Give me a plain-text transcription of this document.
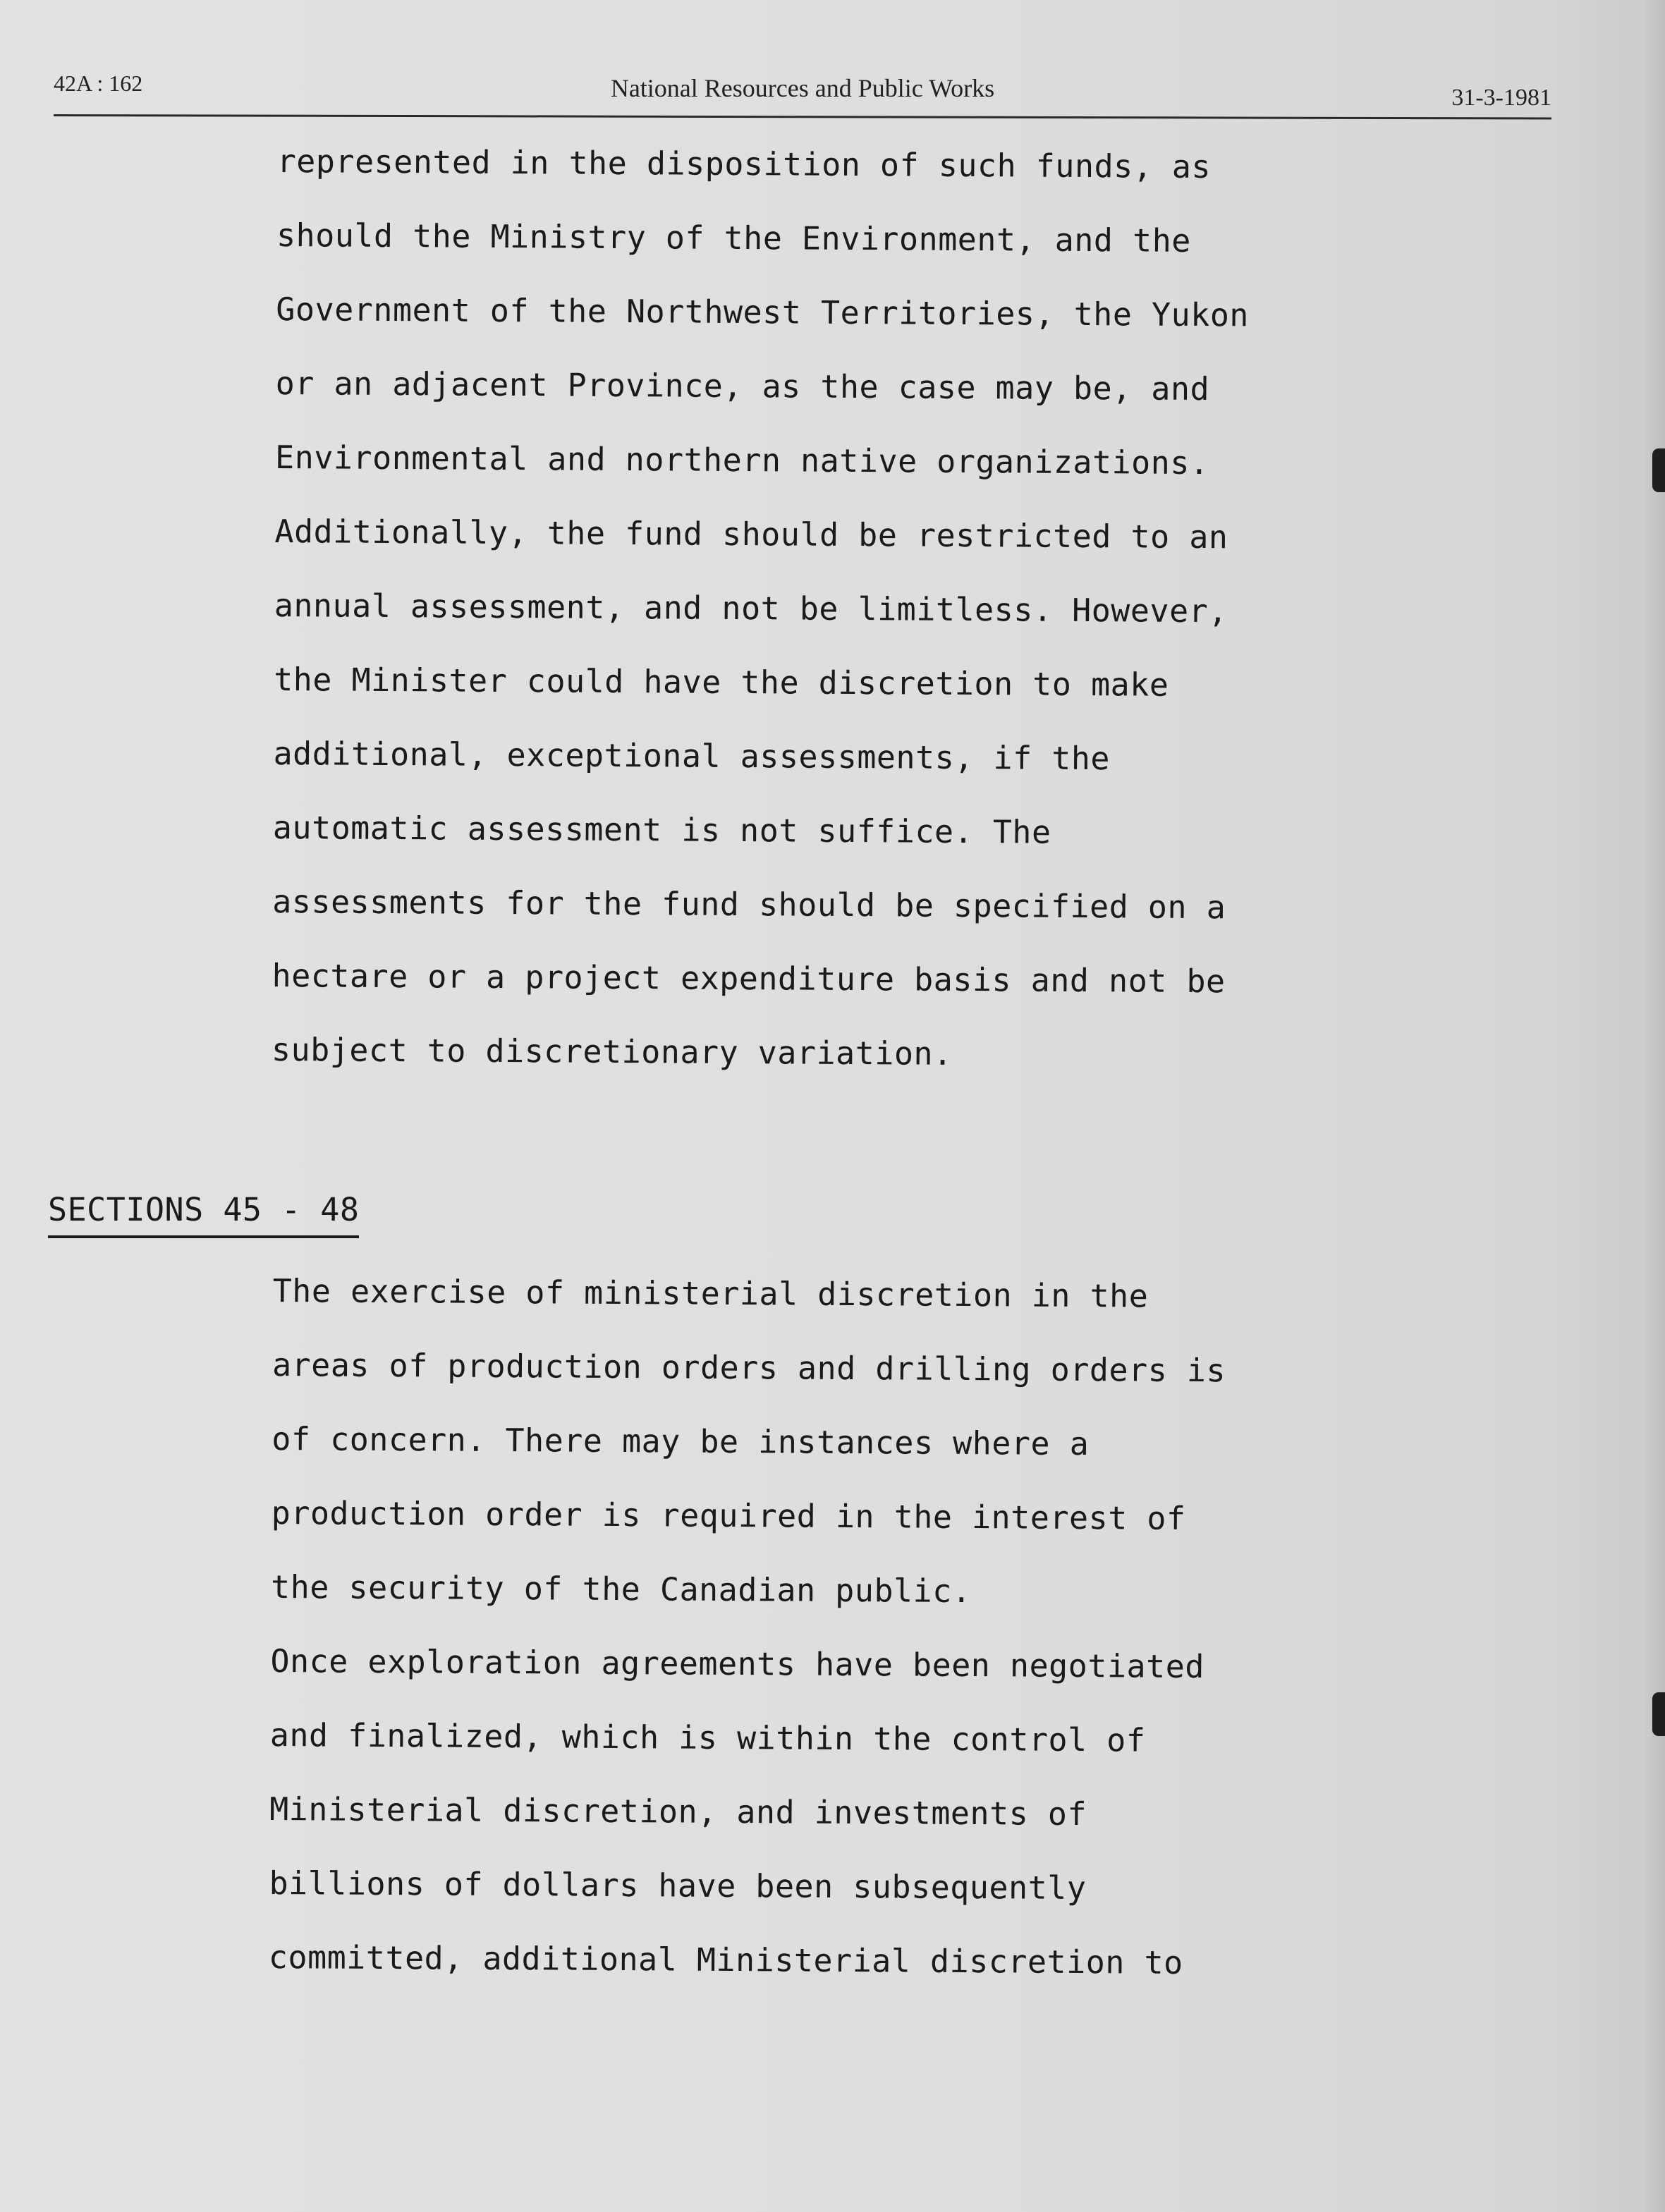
42A : 162	National Resources and Public Works	31-3-1981
represented in the disposition of such funds, as
should the Ministry of the Environment, and the
Government of the Northwest Territories, the Yukon
or an adjacent Province, as the case may be, and
Environmental and northern native organizations.
Additionally, the fund should be restricted to an
annual assessment, and not be limitless. However,
the Minister could have the discretion to make
additional, exceptional assessments, if the
automatic assessment is not suffice. The
assessments for the fund should be specified on a
hectare or a project expenditure basis and not be
subject to discretionary variation.
SECTIONS 45 - 48
The exercise of ministerial discretion in the
areas of production orders and drilling orders is
of concern. There may be instances where a
production order is required in the interest of
the security of the Canadian public.
Once exploration agreements have been negotiated
and finalized, which is within the control of
Ministerial discretion, and investments of
billions of dollars have been subsequently
committed, additional Ministerial discretion to
